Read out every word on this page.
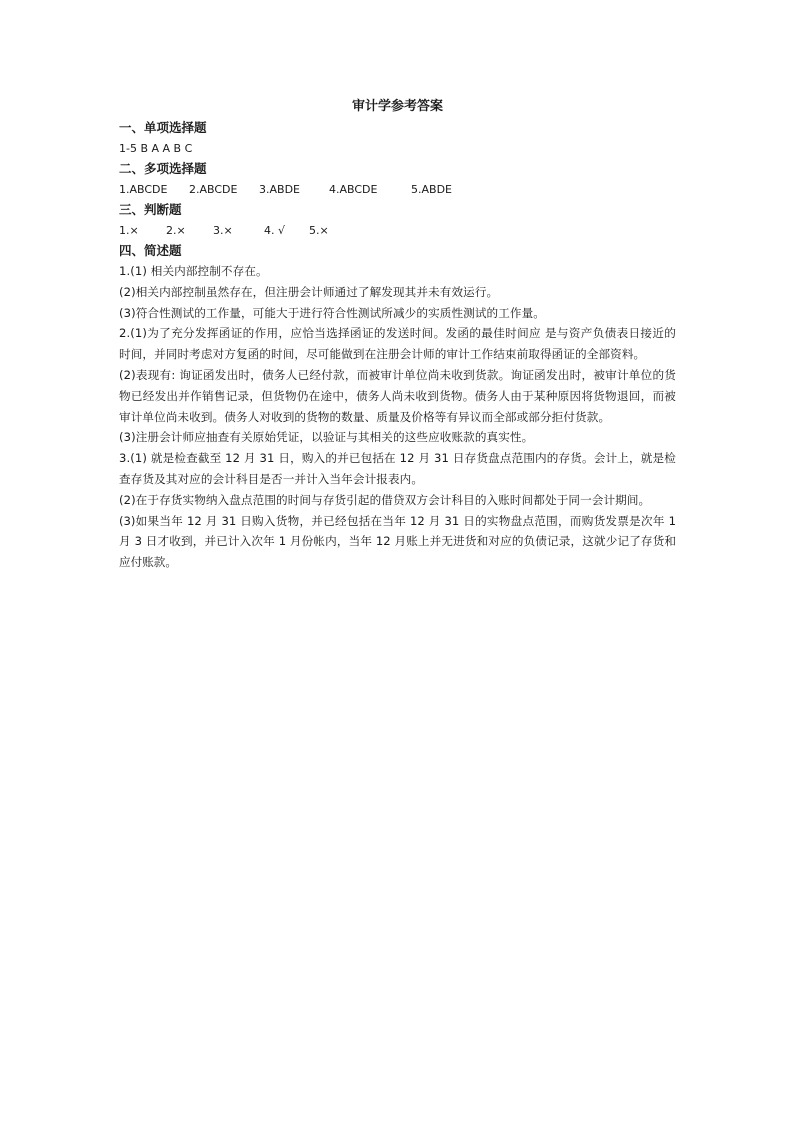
审计学参考答案

一、单项选择题

1-5 B A A B C

二、多项选择题

1.ABCDE 2.ABCDE 3.ABDE	4.ABCDE	5.ABDE

三、判断题

1.× 2.× 3.×	4. √ 5.×

四、简述题

1.(1) 相关内部控制不存在。

(2)相关内部控制虽然存在，但注册会计师通过了解发现其并未有效运行。

(3)符合性测试的工作量，可能大于进行符合性测试所减少的实质性测试的工作量。

2.(1)为了充分发挥函证的作用，应恰当选择函证的发送时间。发函的最佳时间应 是与资产负债表日接近的时间，并同时考虑对方复函的时间，尽可能做到在注册会计师的审计工作结束前取得函证的全部资料。

(2)表现有: 询证函发出时，债务人已经付款，而被审计单位尚未收到货款。询证函发出时，被审计单位的货物已经发出并作销售记录，但货物仍在途中，债务人尚未收到货物。债务人由于某种原因将货物退回，而被审计单位尚未收到。债务人对收到的货物的数量、质量及价格等有异议而全部或部分拒付货款。

(3)注册会计师应抽查有关原始凭证，以验证与其相关的这些应收账款的真实性。

3.(1) 就是检查截至 12 月 31 日，购入的并已包括在 12 月 31 日存货盘点范围内的存货。会计上，就是检查存货及其对应的会计科目是否一并计入当年会计报表内。

(2)在于存货实物纳入盘点范围的时间与存货引起的借贷双方会计科目的入账时间都处于同一会计期间。

(3)如果当年 12 月 31 日购入货物，并已经包括在当年 12 月 31 日的实物盘点范围，而购货发票是次年 1 月 3 日才收到，并已计入次年 1 月份帐内，当年 12 月账上并无进货和对应的负债记录，这就少记了存货和应付账款。
